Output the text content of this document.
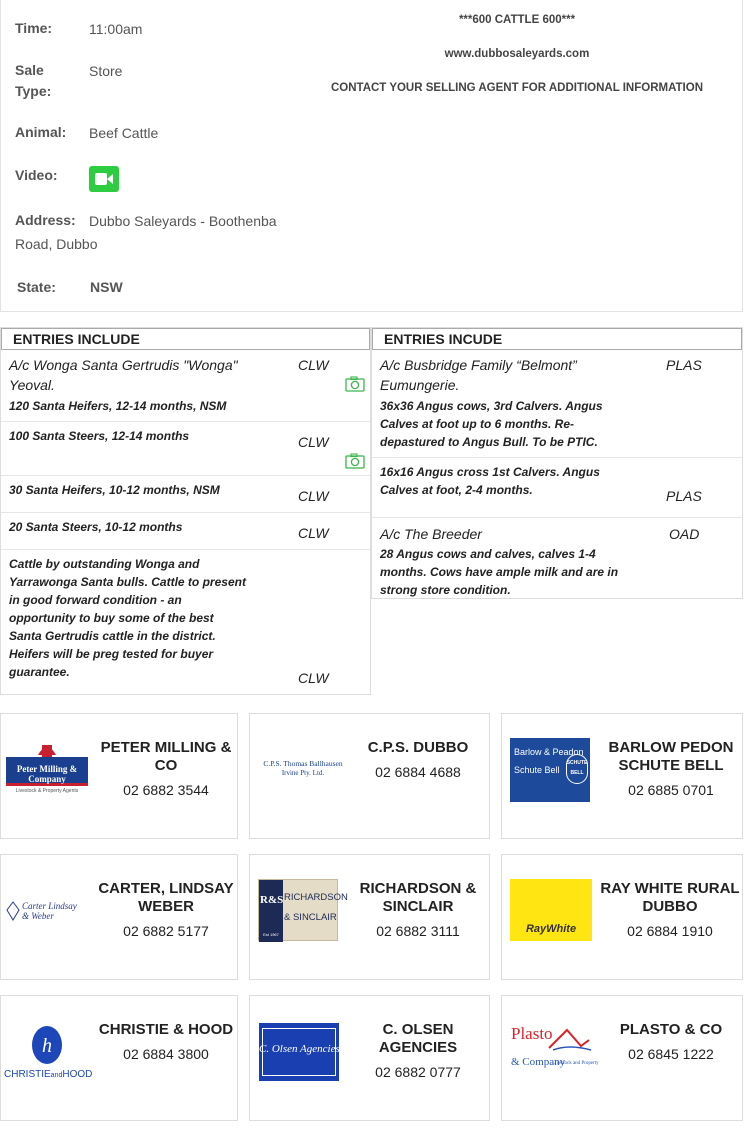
Time:	11:00am
Sale
Type:
Store
Animal: Beef Cattle
Video:
Address: Dubbo Saleyards - Boothenba
Road, Dubbo
State: NSW
***600 CATTLE 600***
www.dubbosaleyards.com
CONTACT YOUR SELLING AGENT FOR ADDITIONAL INFORMATION
ENTRIES INCLUDE
A/c Wonga Santa Gertrudis "Wonga"
Yeoval.
120 Santa Heifers, 12-14 months, NSM
CLW
100 Santa Steers, 12-14 months	CLW
30 Santa Heifers, 10-12 months, NSM	CLW
20 Santa Steers, 10-12 months	CLW
Cattle by outstanding Wonga and
Yarrawonga Santa bulls. Cattle to present
in good forward condition - an
opportunity to buy some of the best
Santa Gertrudis cattle in the district.
Heifers will be preg tested for buyer
guarantee.	CLW
ENTRIES INCUDE
A/c Busbridge Family “Belmont”
Eumungerie.
36x36 Angus cows, 3rd Calvers. Angus
Calves at foot up to 6 months. Re-
depastured to Angus Bull. To be PTIC.
PLAS
16x16 Angus cross 1st Calvers. Angus
Calves at foot, 2-4 months.	PLAS
A/c The Breeder
28 Angus cows and calves, calves 1-4
months. Cows have ample milk and are in
strong store condition.
OAD
Peter Milling & Company
Livestock & Property Agents
PETER MILLING &
CO
02 6882 3544
C.P.S. Thomas Ballhausen
Irvine Pty. Ltd.
C.P.S. DUBBO
02 6884 4688
Barlow & Peadon
Schute Bell
SCHUTE
BELL
BARLOW PEDON
SCHUTE BELL
02 6885 0701
Carter Lindsay
& Weber
CARTER, LINDSAY
WEBER
02 6882 5177
R&S RICHARDSON
& SINCLAIR
Est 1967
RICHARDSON &
SINCLAIR
02 6882 3111	RayWhite
RAY WHITE RURAL
DUBBO
02 6884 1910
h
CHRISTIEandHOOD
CHRISTIE & HOOD
02 6884 3800	C. Olsen Agencies
C. OLSEN
AGENCIES
02 6882 0777
Plasto
& Company
Livestock and Property
PLASTO & CO
02 6845 1222
